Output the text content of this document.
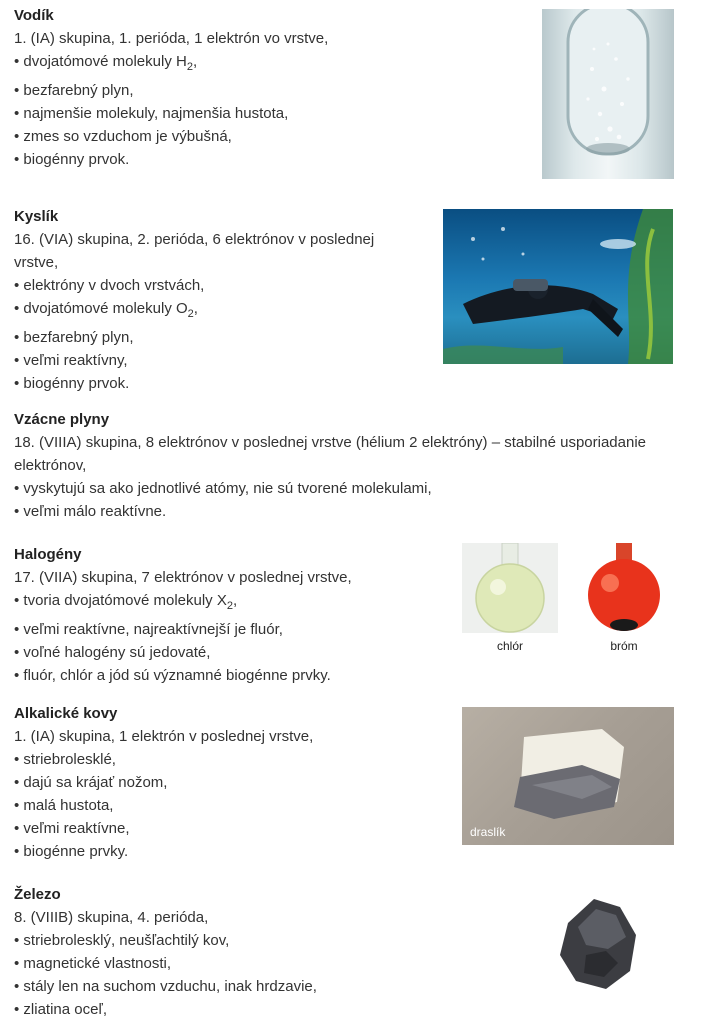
Vodík
1. (IA) skupina, 1. perióda, 1 elektrón vo vrstve,
• dvojatómové molekuly $H_2$,
• bezfarebný plyn,
• najmenšie molekuly, najmenšia hustota,
• zmes so vzduchom je výbušná,
• biogénny prvok.
Kyslík
16. (VIA) skupina, 2. perióda, 6 elektrónov v poslednej
vrstve,
• elektróny v dvoch vrstvách,
• dvojatómové molekuly $O_2$,
• bezfarebný plyn,
• veľmi reaktívny,
• biogénny prvok.
Vzácne plyny
18. (VIIIA) skupina, 8 elektrónov v poslednej vrstve (hélium 2 elektróny) – stabilné usporiadanie
elektrónov,
• vyskytujú sa ako jednotlivé atómy, nie sú tvorené molekulami,
• veľmi málo reaktívne.
Halogény
17. (VIIA) skupina, 7 elektrónov v poslednej vrstve,
• tvoria dvojatómové molekuly $X_2$,
• veľmi reaktívne, najreaktívnejší je fluór,
• voľné halogény sú jedovaté,
• fluór, chlór a jód sú významné biogénne prvky.
chlór	bróm
Alkalické kovy
1. (IA) skupina, 1 elektrón v poslednej vrstve,
• striebrolesklé,
• dajú sa krájať nožom,
• malá hustota,
• veľmi reaktívne,
• biogénne prvky.
draslík
Železo
8. (VIIIB) skupina, 4. perióda,
• striebrolesklý, neušľachtilý kov,
• magnetické vlastnosti,
• stály len na suchom vzduchu, inak hrdzavie,
• zliatina oceľ,
